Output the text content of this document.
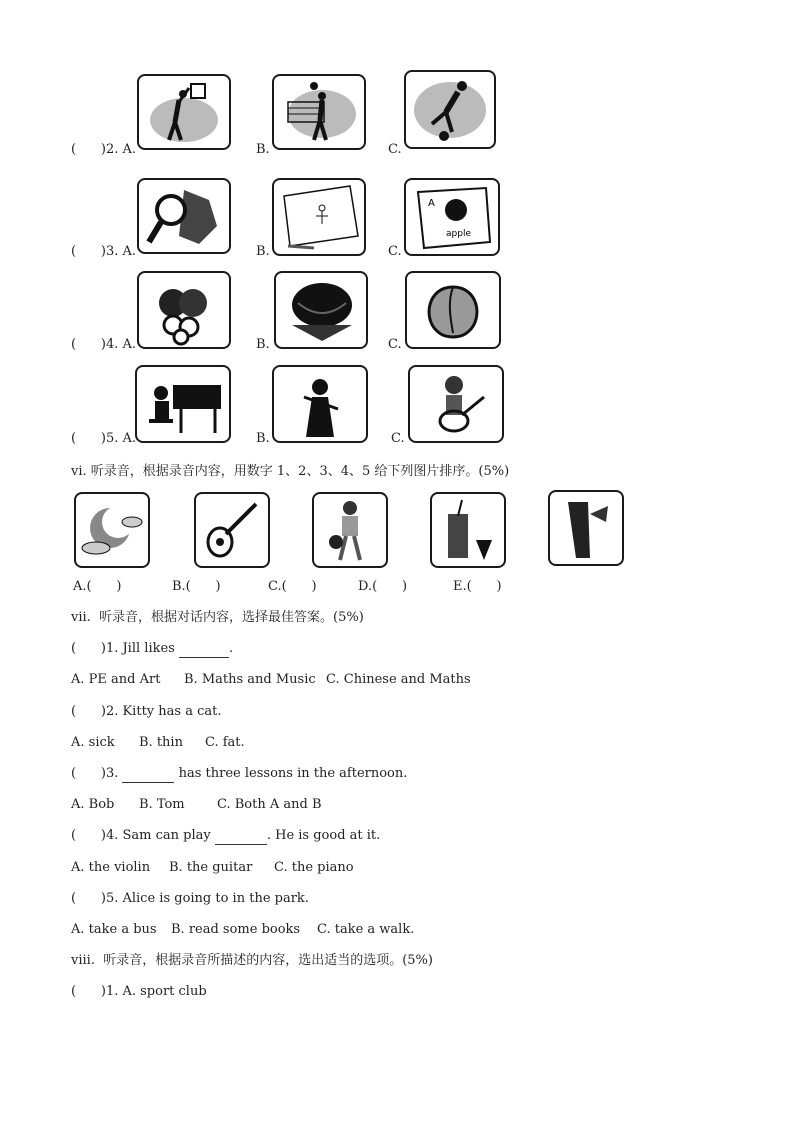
(      )2. A.	B.	C.
A
apple
(      )3. A.	B.	C.
(      )4. A.	B.	C.
(      )5. A.	B.	C.
vi. 听录音，根据录音内容，用数字 1、2、3、4、5 给下列图片排序。(5%)
A.(      )	B.(      )	C.(      )	D.(      )	E.(      )
vii.  听录音，根据对话内容，选择最佳答案。(5%)
(      )1. Jill likes	.
A. PE and Art B. Maths and Music C. Chinese and Maths
(      )2. Kitty has a cat.
A. sick B. thin C. fat.
(      )3.	has three lessons in the afternoon.
A. Bob B. Tom C. Both A and B
(      )4. Sam can play	. He is good at it.
A. the violin B. the guitar C. the piano
(      )5. Alice is going to in the park.
A. take a bus B. read some books C. take a walk.
viii.  听录音，根据录音所描述的内容，选出适当的选项。(5%)
(      )1. A. sport club
